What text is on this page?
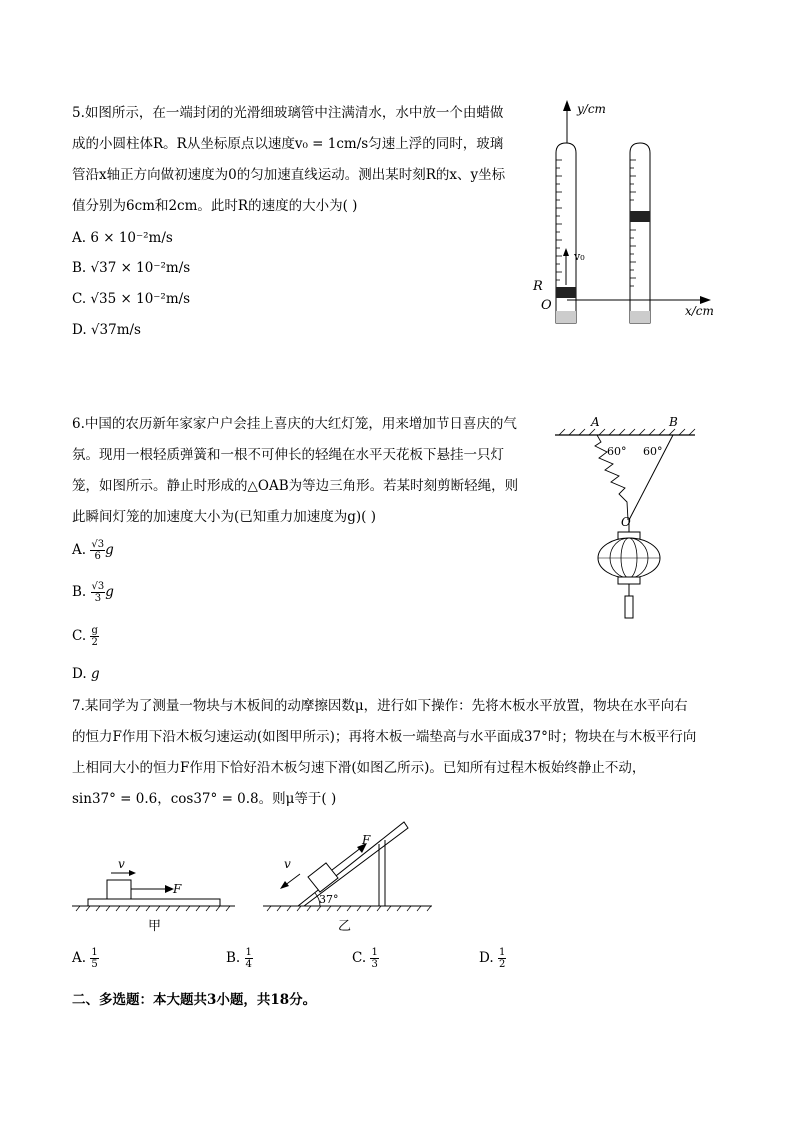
5.如图所示，在一端封闭的光滑细玻璃管中注满清水，水中放一个由蜡做
成的小圆柱体R。R从坐标原点以速度v₀ = 1cm/s匀速上浮的同时，玻璃
管沿x轴正方向做初速度为0的匀加速直线运动。测出某时刻R的x、y坐标
值分别为6cm和2cm。此时R的速度的大小为( )
A. 6 × 10⁻²m/s
B. √37 × 10⁻²m/s
C. √35 × 10⁻²m/s
D. √37m/s
y/cm
v₀
R
O	x/cm
6.中国的农历新年家家户户会挂上喜庆的大红灯笼，用来增加节日喜庆的气
氛。现用一根轻质弹簧和一根不可伸长的轻绳在水平天花板下悬挂一只灯
笼，如图所示。静止时形成的△OAB为等边三角形。若某时刻剪断轻绳，则
此瞬间灯笼的加速度大小为(已知重力加速度为g)( )
A. $\frac{√3}{6}$ g
B. $\frac{√3}{3}$ g
C. $\frac{g}{2}$
D. g
A	B
60° 60°
O
7.某同学为了测量一物块与木板间的动摩擦因数μ，进行如下操作：先将木板水平放置，物块在水平向右
的恒力F作用下沿木板匀速运动(如图甲所示)；再将木板一端垫高与水平面成37°时；物块在与木板平行向
上相同大小的恒力F作用下恰好沿木板匀速下滑(如图乙所示)。已知所有过程木板始终静止不动，
sin37° = 0.6，cos37° = 0.8。则μ等于( )
F
v
甲
F
v
37°
乙
A. $\frac{1}{5}$	B. $\frac{1}{4}$	C. $\frac{1}{3}$	D. $\frac{1}{2}$
二、多选题：本大题共3小题，共18分。
